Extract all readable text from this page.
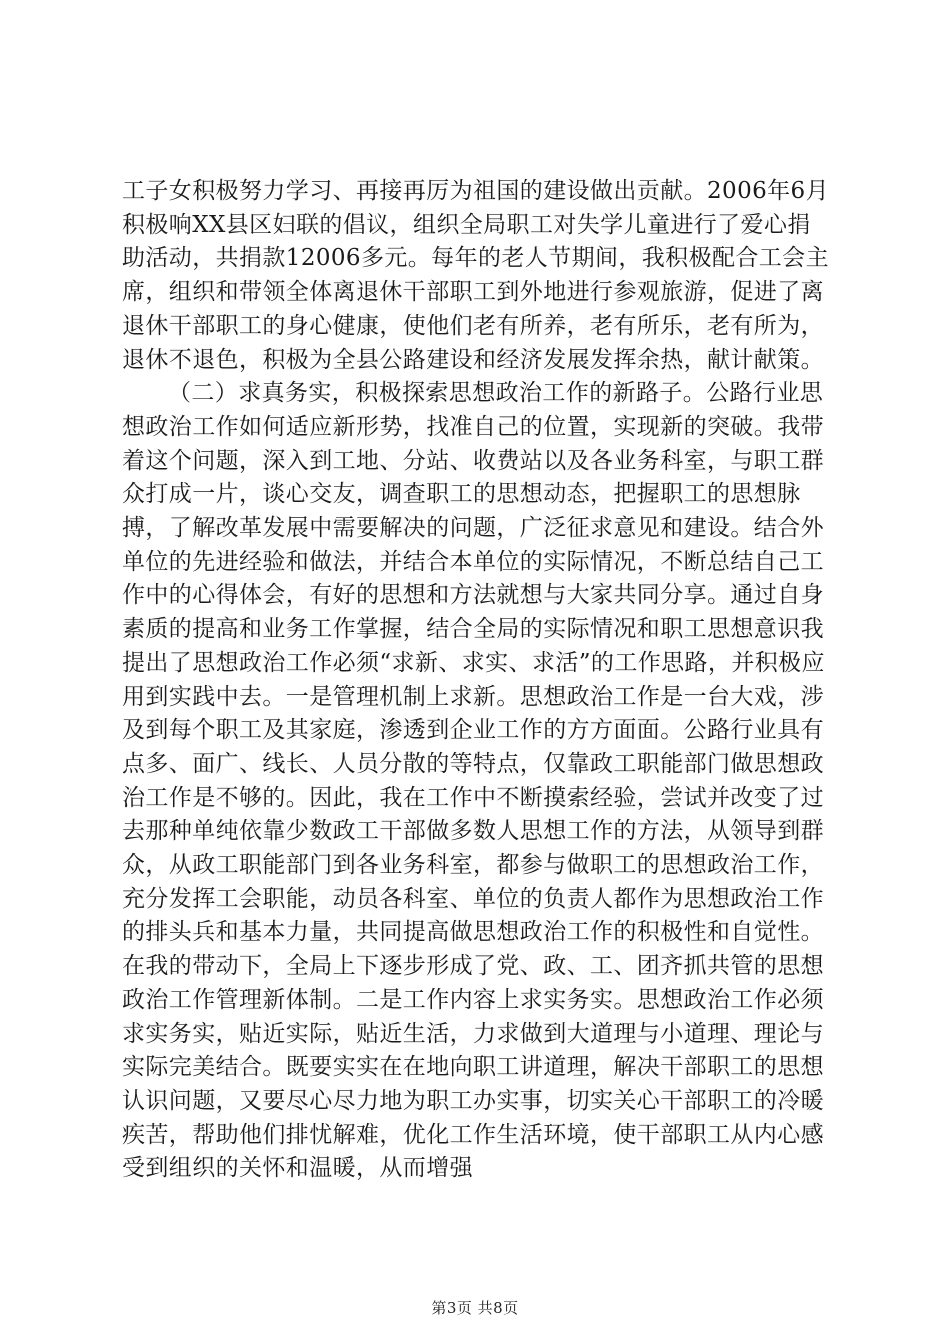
工子女积极努力学习、再接再厉为祖国的建设做出贡献。2006年6月积极响XX县区妇联的倡议，组织全局职工对失学儿童进行了爱心捐助活动，共捐款12006多元。每年的老人节期间，我积极配合工会主席，组织和带领全体离退休干部职工到外地进行参观旅游，促进了离退休干部职工的身心健康，使他们老有所养，老有所乐，老有所为，退休不退色，积极为全县公路建设和经济发展发挥余热，献计献策。

（二）求真务实，积极探索思想政治工作的新路子。公路行业思想政治工作如何适应新形势，找准自己的位置，实现新的突破。我带着这个问题，深入到工地、分站、收费站以及各业务科室，与职工群众打成一片，谈心交友，调查职工的思想动态，把握职工的思想脉搏，了解改革发展中需要解决的问题，广泛征求意见和建设。结合外单位的先进经验和做法，并结合本单位的实际情况，不断总结自己工作中的心得体会，有好的思想和方法就想与大家共同分享。通过自身素质的提高和业务工作掌握，结合全局的实际情况和职工思想意识我提出了思想政治工作必须“求新、求实、求活”的工作思路，并积极应用到实践中去。一是管理机制上求新。思想政治工作是一台大戏，涉及到每个职工及其家庭，渗透到企业工作的方方面面。公路行业具有点多、面广、线长、人员分散的等特点，仅靠政工职能部门做思想政治工作是不够的。因此，我在工作中不断摸索经验，尝试并改变了过去那种单纯依靠少数政工干部做多数人思想工作的方法，从领导到群众，从政工职能部门到各业务科室，都参与做职工的思想政治工作，充分发挥工会职能，动员各科室、单位的负责人都作为思想政治工作的排头兵和基本力量，共同提高做思想政治工作的积极性和自觉性。在我的带动下，全局上下逐步形成了党、政、工、团齐抓共管的思想政治工作管理新体制。二是工作内容上求实务实。思想政治工作必须求实务实，贴近实际，贴近生活，力求做到大道理与小道理、理论与实际完美结合。既要实实在在地向职工讲道理，解决干部职工的思想认识问题，又要尽心尽力地为职工办实事，切实关心干部职工的冷暖疾苦，帮助他们排忧解难，优化工作生活环境，使干部职工从内心感受到组织的关怀和温暖，从而增强

第3页 共8页
